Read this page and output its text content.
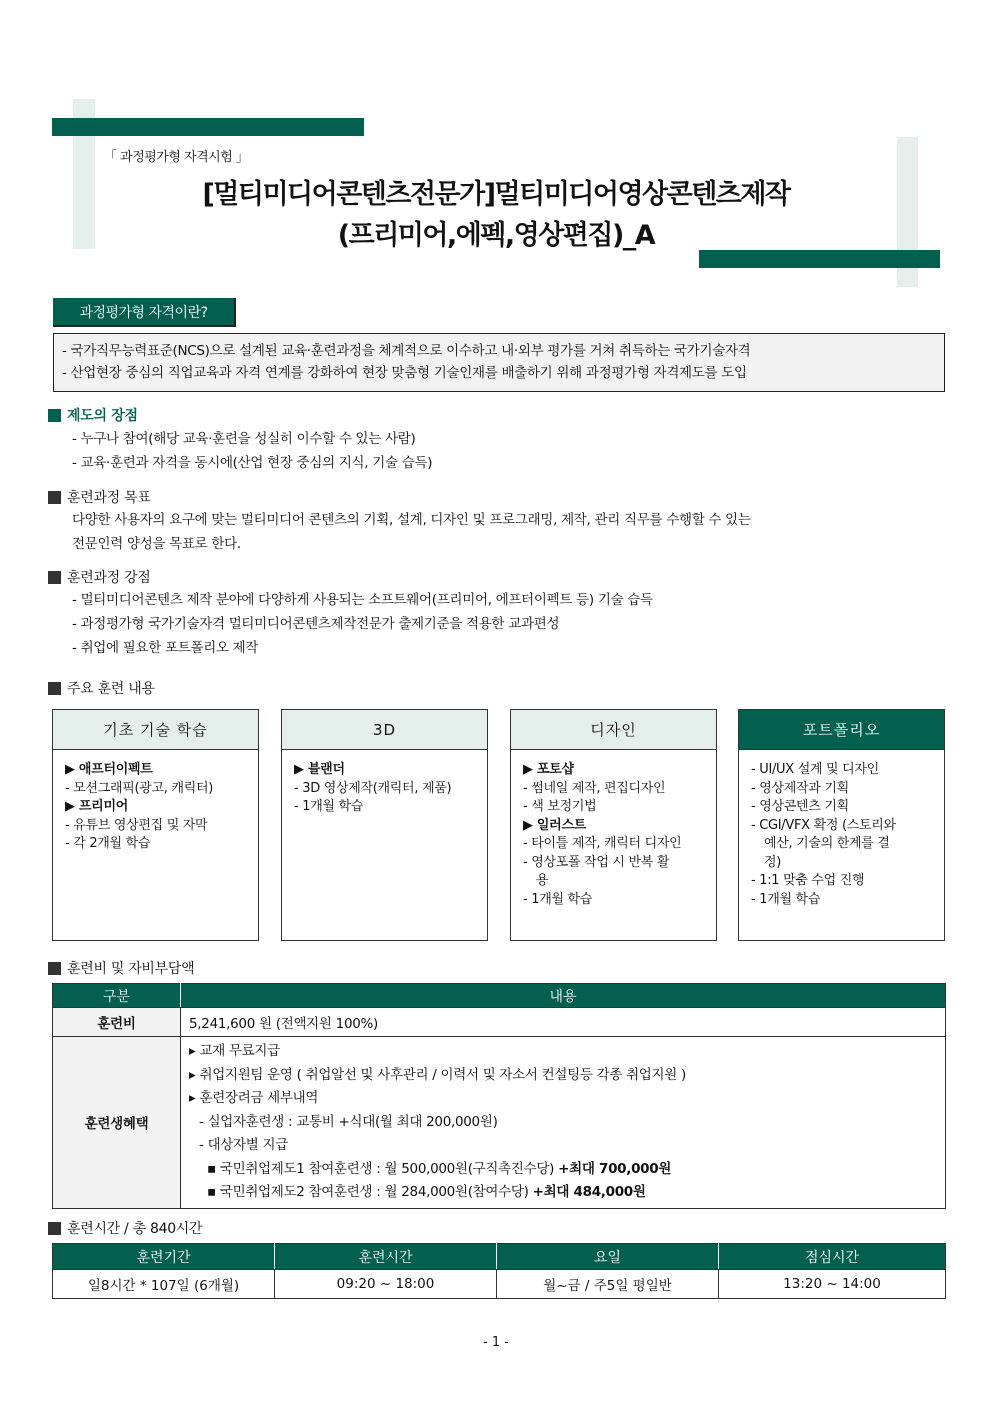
「 과정평가형 자격시험 」
[멀티미디어콘텐츠전문가]멀티미디어영상콘텐츠제작
(프리미어,에펙,영상편집)_A
과정평가형 자격이란?
- 국가직무능력표준(NCS)으로 설계된 교육·훈련과정을 체계적으로 이수하고 내·외부 평가를 거쳐 취득하는 국가기술자격
- 산업현장 중심의 직업교육과 자격 연계를 강화하여 현장 맞춤형 기술인재를 배출하기 위해 과정평가형 자격제도를 도입
제도의 장점
- 누구나 참여(해당 교육·훈련을 성실히 이수할 수 있는 사람)
- 교육·훈련과 자격을 동시에(산업 현장 중심의 지식, 기술 습득)
훈련과정 목표
다양한 사용자의 요구에 맞는 멀티미디어 콘텐츠의 기획, 설계, 디자인 및 프로그래밍, 제작, 관리 직무를 수행할 수 있는
전문인력 양성을 목표로 한다.
훈련과정 강점
- 멀티미디어콘텐츠 제작 분야에 다양하게 사용되는 소프트웨어(프리미어, 에프터이펙트 등) 기술 습득
- 과정평가형 국가기술자격 멀티미디어콘텐츠제작전문가 출제기준을 적용한 교과편성
- 취업에 필요한 포트폴리오 제작
주요 훈련 내용
기초 기술 학습
▶ 애프터이펙트
- 모션그래픽(광고, 캐릭터)
▶ 프리미어
- 유튜브 영상편집 및 자막
- 각 2개월 학습
3D
▶ 블랜더
- 3D 영상제작(캐릭터, 제품)
- 1개월 학습
디자인
▶ 포토샵
- 썸네일 제작, 편집디자인
- 색 보정기법
▶ 일러스트
- 타이틀 제작, 캐릭터 디자인
- 영상포폴 작업 시 반복 활
용
- 1개월 학습
포트폴리오
- UI/UX 설계 및 디자인
- 영상제작과 기획
- 영상콘텐츠 기획
- CGI/VFX 확정 (스토리와
예산, 기술의 한계를 결
정)
- 1:1 맞춤 수업 진행
- 1개월 학습
훈련비 및 자비부담액
구분	내용
훈련비	5,241,600 원 (전액지원 100%)
훈련생혜택	
▸ 교재 무료지급
▸ 취업지원팀 운영 ( 취업알선 및 사후관리 / 이력서 및 자소서 컨설팅등 각종 취업지원 )
▸ 훈련장려금 세부내역
- 실업자훈련생 : 교통비 +식대(월 최대 200,000원)
- 대상자별 지급
▪ 국민취업제도1 참여훈련생 : 월 500,000원(구직촉진수당) +최대 700,000원
▪ 국민취업제도2 참여훈련생 : 월 284,000원(참여수당) +최대 484,000원
훈련시간 / 총 840시간
훈련기간	훈련시간	요일	점심시간
일8시간 * 107일 (6개월)	09:20 ~ 18:00	월~금 / 주5일 평일반	13:20 ~ 14:00
- 1 -
